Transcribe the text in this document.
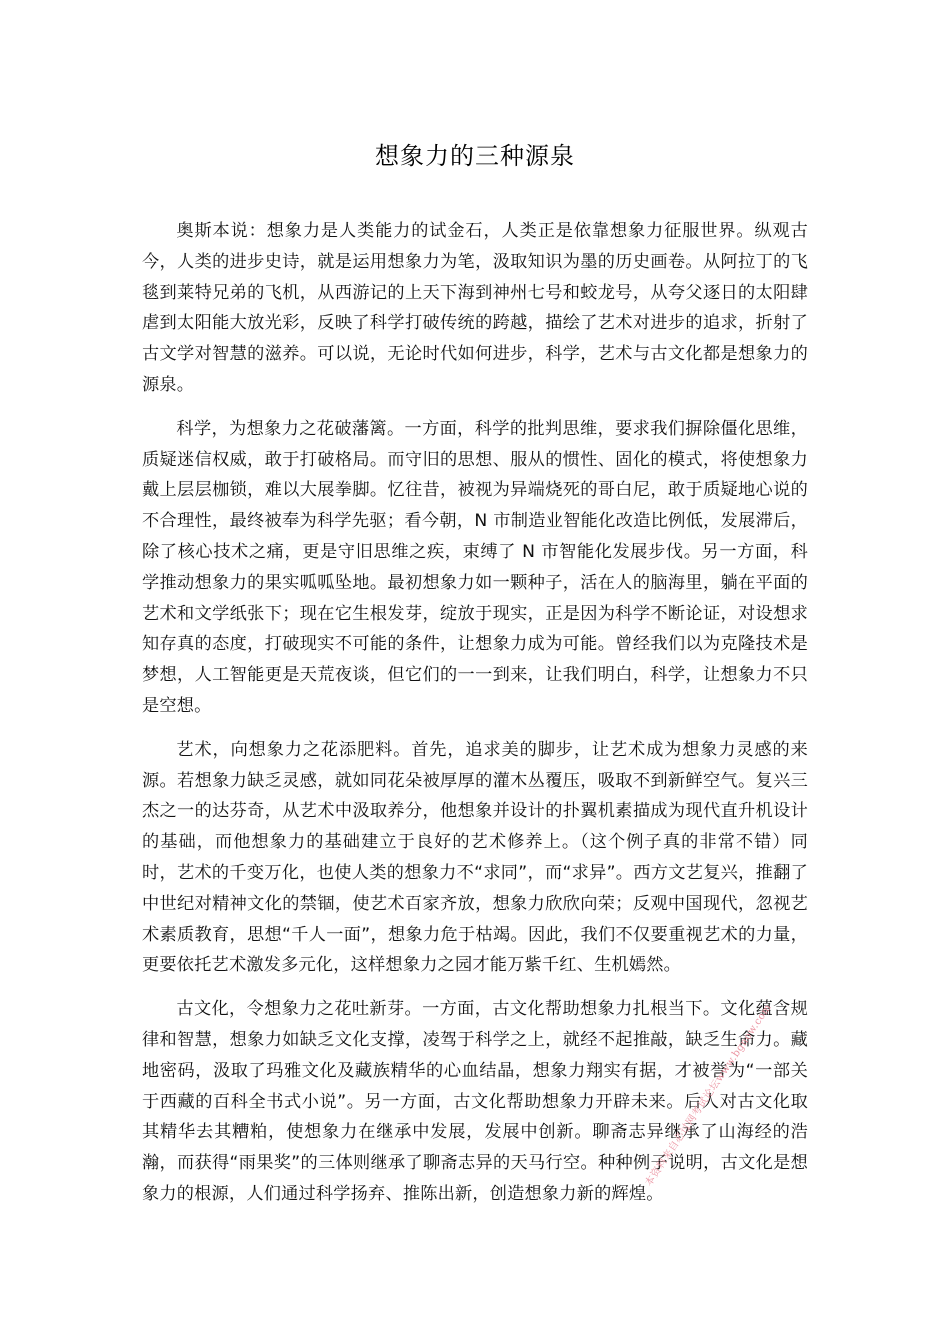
想象力的三种源泉

奥斯本说：想象力是人类能力的试金石，人类正是依靠想象力征服世界。纵观古今，人类的进步史诗，就是运用想象力为笔，汲取知识为墨的历史画卷。从阿拉丁的飞毯到莱特兄弟的飞机，从西游记的上天下海到神州七号和蛟龙号，从夸父逐日的太阳肆虐到太阳能大放光彩，反映了科学打破传统的跨越，描绘了艺术对进步的追求，折射了古文学对智慧的滋养。可以说，无论时代如何进步，科学，艺术与古文化都是想象力的源泉。

科学，为想象力之花破藩篱。一方面，科学的批判思维，要求我们摒除僵化思维，质疑迷信权威，敢于打破格局。而守旧的思想、服从的惯性、固化的模式，将使想象力戴上层层枷锁，难以大展拳脚。忆往昔，被视为异端烧死的哥白尼，敢于质疑地心说的不合理性，最终被奉为科学先驱；看今朝，N 市制造业智能化改造比例低，发展滞后，除了核心技术之痛，更是守旧思维之疾，束缚了 N 市智能化发展步伐。另一方面，科学推动想象力的果实呱呱坠地。最初想象力如一颗种子，活在人的脑海里，躺在平面的艺术和文学纸张下；现在它生根发芽，绽放于现实，正是因为科学不断论证，对设想求知存真的态度，打破现实不可能的条件，让想象力成为可能。曾经我们以为克隆技术是梦想，人工智能更是天荒夜谈，但它们的一一到来，让我们明白，科学，让想象力不只是空想。

艺术，向想象力之花添肥料。首先，追求美的脚步，让艺术成为想象力灵感的来源。若想象力缺乏灵感，就如同花朵被厚厚的灌木丛覆压，吸取不到新鲜空气。复兴三杰之一的达芬奇，从艺术中汲取养分，他想象并设计的扑翼机素描成为现代直升机设计的基础，而他想象力的基础建立于良好的艺术修养上。（这个例子真的非常不错）同时，艺术的千变万化，也使人类的想象力不“求同”，而“求异”。西方文艺复兴，推翻了中世纪对精神文化的禁锢，使艺术百家齐放，想象力欣欣向荣；反观中国现代，忽视艺术素质教育，思想“千人一面”，想象力危于枯竭。因此，我们不仅要重视艺术的力量，更要依托艺术激发多元化，这样想象力之园才能万紫千红、生机嫣然。

古文化，令想象力之花吐新芽。一方面，古文化帮助想象力扎根当下。文化蕴含规律和智慧，想象力如缺乏文化支撑，凌驾于科学之上，就经不起推敲，缺乏生命力。藏地密码，汲取了玛雅文化及藏族精华的心血结晶，想象力翔实有据，才被誉为“一部关于西藏的百科全书式小说”。另一方面，古文化帮助想象力开辟未来。后人对古文化取其精华去其糟粕，使想象力在继承中发展，发展中创新。聊斋志异继承了山海经的浩瀚，而获得“雨果奖”的三体则继承了聊斋志异的天马行空。种种例子说明，古文化是想象力的根源，人们通过科学扬弃、推陈出新，创造想象力新的辉煌。

本资料来自必过网考试论坛www.bgnow.com
